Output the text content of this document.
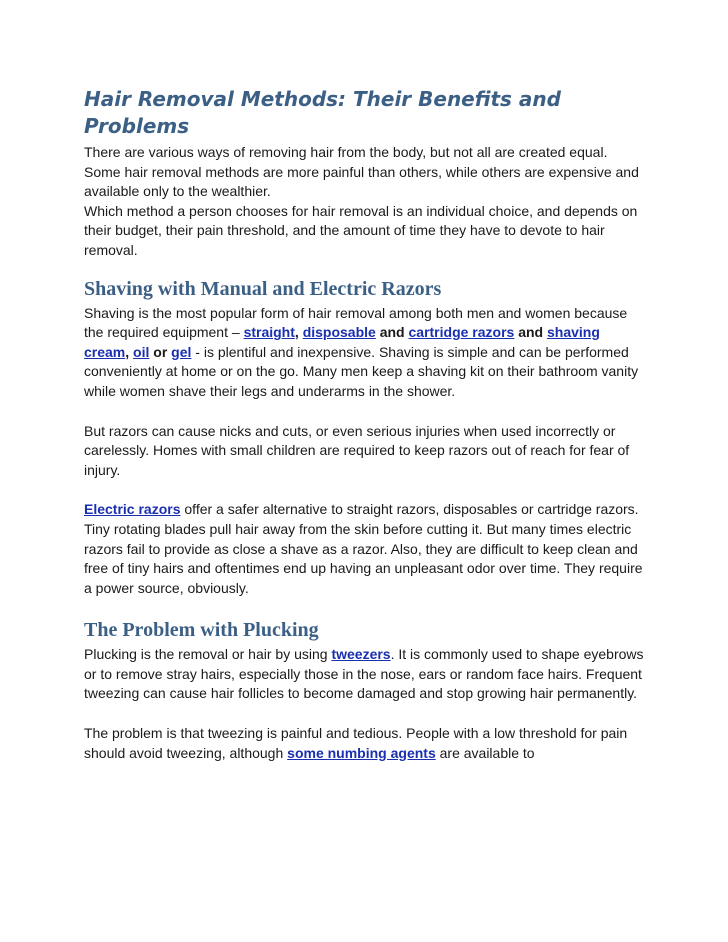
Hair Removal Methods: Their Benefits and Problems

There are various ways of removing hair from the body, but not all are created equal. Some hair removal methods are more painful than others, while others are expensive and available only to the wealthier.

Which method a person chooses for hair removal is an individual choice, and depends on their budget, their pain threshold, and the amount of time they have to devote to hair removal.

Shaving with Manual and Electric Razors

Shaving is the most popular form of hair removal among both men and women because the required equipment – straight, disposable and cartridge razors and shaving cream, oil or gel - is plentiful and inexpensive. Shaving is simple and can be performed conveniently at home or on the go. Many men keep a shaving kit on their bathroom vanity while women shave their legs and underarms in the shower.

But razors can cause nicks and cuts, or even serious injuries when used incorrectly or carelessly. Homes with small children are required to keep razors out of reach for fear of injury.

Electric razors offer a safer alternative to straight razors, disposables or cartridge razors. Tiny rotating blades pull hair away from the skin before cutting it. But many times electric razors fail to provide as close a shave as a razor. Also, they are difficult to keep clean and free of tiny hairs and oftentimes end up having an unpleasant odor over time. They require a power source, obviously.

The Problem with Plucking

Plucking is the removal or hair by using tweezers. It is commonly used to shape eyebrows or to remove stray hairs, especially those in the nose, ears or random face hairs. Frequent tweezing can cause hair follicles to become damaged and stop growing hair permanently.

The problem is that tweezing is painful and tedious. People with a low threshold for pain should avoid tweezing, although some numbing agents are available to
